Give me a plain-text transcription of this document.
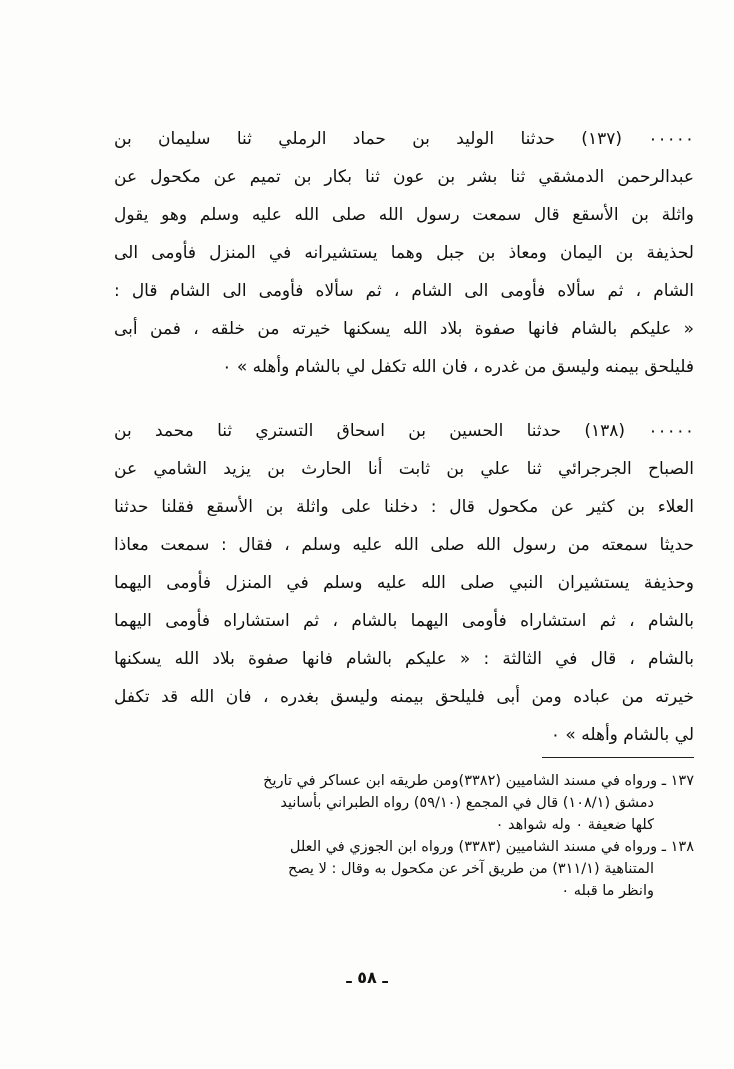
٠٠٠٠٠ (١٣٧) حدثنا الوليد بن حماد الرملي ثنا سليمان بن
عبدالرحمن الدمشقي ثنا بشر بن عون ثنا بكار بن تميم عن مكحول عن
واثلة بن الأسقع قال سمعت رسول الله صلى الله عليه وسلم وهو يقول
لحذيفة بن اليمان ومعاذ بن جبل وهما يستشيرانه في المنزل فأومى الى
الشام ، ثم سألاه فأومى الى الشام ، ثم سألاه فأومى الى الشام قال :
« عليكم بالشام فانها صفوة بلاد الله يسكنها خيرته من خلقه ، فمن أبى
فليلحق بيمنه وليسق من غدره ، فان الله تكفل لي بالشام وأهله » ٠
٠٠٠٠٠ (١٣٨) حدثنا الحسين بن اسحاق التستري ثنا محمد بن
الصباح الجرجرائي ثنا علي بن ثابت أنا الحارث بن يزيد الشامي عن
العلاء بن كثير عن مكحول قال : دخلنا على واثلة بن الأسقع فقلنا حدثنا
حديثا سمعته من رسول الله صلى الله عليه وسلم ، فقال : سمعت معاذا
وحذيفة يستشيران النبي صلى الله عليه وسلم في المنزل فأومى اليهما
بالشام ، ثم استشاراه فأومى اليهما بالشام ، ثم استشاراه فأومى اليهما
بالشام ، قال في الثالثة : « عليكم بالشام فانها صفوة بلاد الله يسكنها
خيرته من عباده ومن أبى فليلحق بيمنه وليسق بغدره ، فان الله قد تكفل
لي بالشام وأهله » ٠
١٣٧ ـ ورواه في مسند الشاميين (٣٣٨٢)ومن طريقه ابن عساكر في تاريخ
دمشق (١٠٨/١) قال في المجمع (٥٩/١٠) رواه الطبراني بأسانيد
كلها ضعيفة ٠ وله شواهد ٠
١٣٨ ـ ورواه في مسند الشاميين (٣٣٨٣) ورواه ابن الجوزي في العلل
المتناهية (٣١١/١) من طريق آخر عن مكحول به وقال : لا يصح
وانظر ما قبله ٠
ـ ٥٨ ـ
